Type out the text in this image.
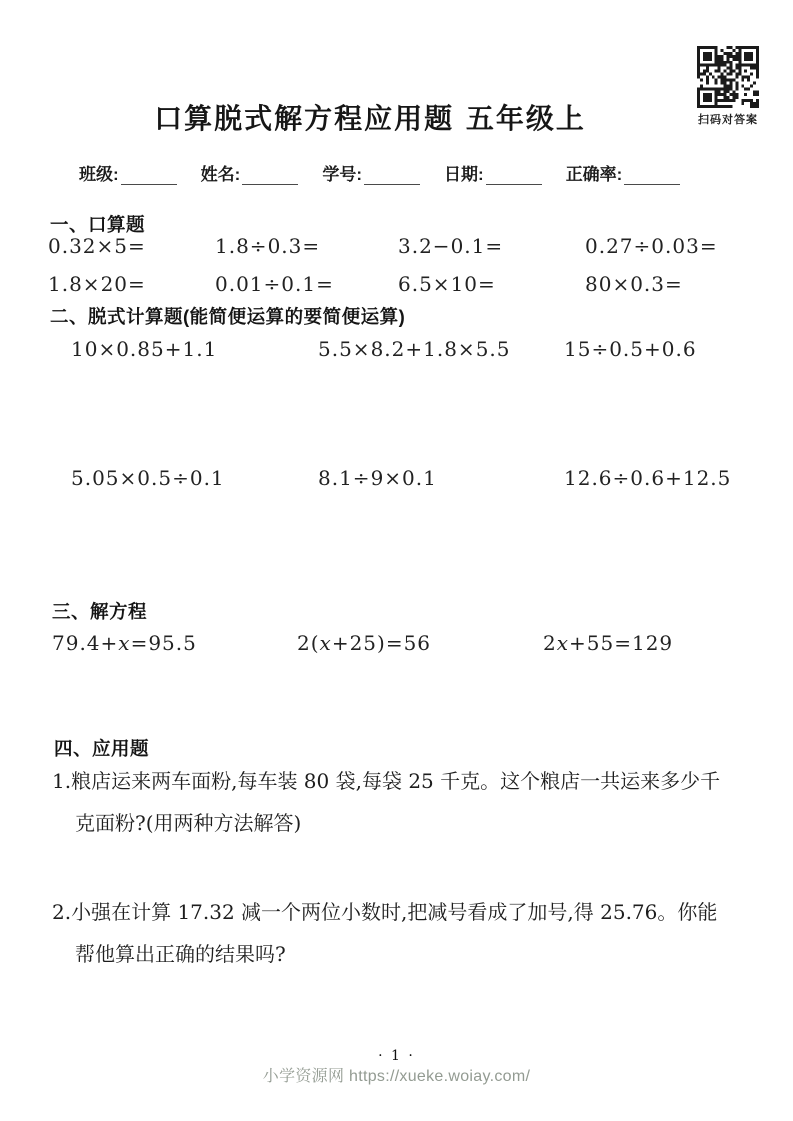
扫码对答案
口算脱式解方程应用题 五年级上
班级:	姓名:	学号:	日期:	正确率:
一、口算题
0.32×5=	1.8÷0.3=	3.2−0.1=	0.27÷0.03=
1.8×20=	0.01÷0.1=	6.5×10=	80×0.3=
二、脱式计算题(能简便运算的要简便运算)
10×0.85+1.1	5.5×8.2+1.8×5.5	15÷0.5+0.6
5.05×0.5÷0.1	8.1÷9×0.1	12.6÷0.6+12.5
三、解方程
79.4+x=95.5	2(x+25)=56	2x+55=129
四、应用题
1.粮店运来两车面粉,每车装 80 袋,每袋 25 千克。这个粮店一共运来多少千
克面粉?(用两种方法解答)
2.小强在计算 17.32 减一个两位小数时,把减号看成了加号,得 25.76。你能
帮他算出正确的结果吗?
· 1 ·
小学资源网 https://xueke.woiay.com/
